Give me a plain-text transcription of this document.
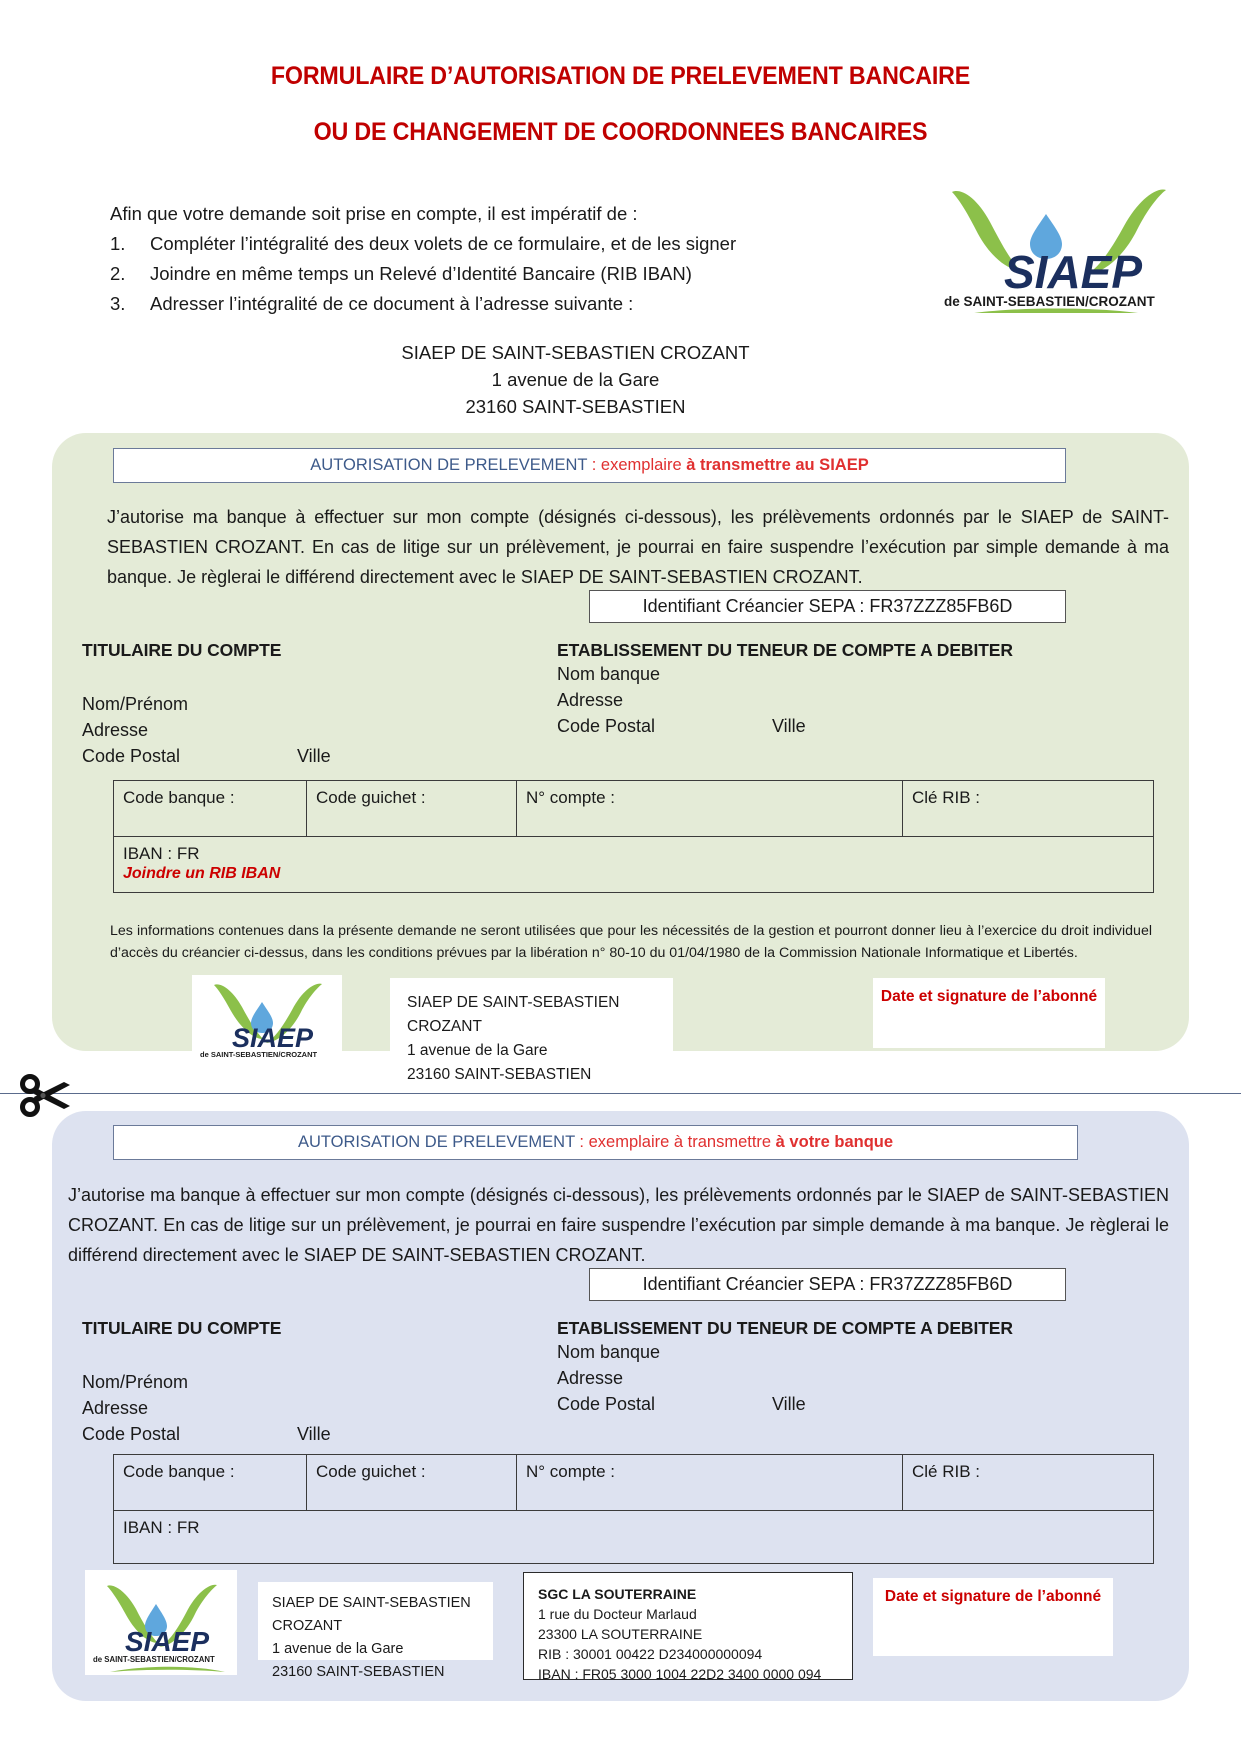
FORMULAIRE D’AUTORISATION DE PRELEVEMENT BANCAIRE
OU DE CHANGEMENT DE COORDONNEES BANCAIRES
SIAEP
de SAINT-SEBASTIEN/CROZANT
Afin que votre demande soit prise en compte, il est impératif de :
1.	Compléter l’intégralité des deux volets de ce formulaire, et de les signer
2.	Joindre en même temps un Relevé d’Identité Bancaire (RIB IBAN)
3.	Adresser l’intégralité de ce document à l’adresse suivante :
SIAEP DE SAINT-SEBASTIEN CROZANT
1 avenue de la Gare
23160 SAINT-SEBASTIEN
AUTORISATION DE PRELEVEMENT : exemplaire à transmettre au SIAEP
J’autorise ma banque à effectuer sur mon compte (désignés ci-dessous), les prélèvements ordonnés par le SIAEP de SAINT-SEBASTIEN CROZANT. En cas de litige sur un prélèvement, je pourrai en faire suspendre l’exécution par simple demande à ma banque. Je règlerai le différend directement avec le SIAEP DE SAINT-SEBASTIEN CROZANT.
Identifiant Créancier SEPA : FR37ZZZ85FB6D
TITULAIRE DU COMPTE
Nom/Prénom
Adresse
Code Postal	Ville
ETABLISSEMENT DU TENEUR DE COMPTE A DEBITER
Nom banque
Adresse
Code Postal	Ville
Code banque :	Code guichet :	N° compte :	Clé RIB :
IBAN : FR
Joindre un RIB IBAN
Les informations contenues dans la présente demande ne seront utilisées que pour les nécessités de la gestion et pourront donner lieu à l’exercice du droit individuel d’accès du créancier ci-dessus, dans les conditions prévues par la libération n° 80-10 du 01/04/1980 de la Commission Nationale Informatique et Libertés.
SIAEP
de SAINT-SEBASTIEN/CROZANT
SIAEP DE SAINT-SEBASTIEN CROZANT
1 avenue de la Gare
23160 SAINT-SEBASTIEN
Date et signature de l’abonné
AUTORISATION DE PRELEVEMENT : exemplaire à transmettre à votre banque
J’autorise ma banque à effectuer sur mon compte (désignés ci-dessous), les prélèvements ordonnés par le SIAEP de SAINT-SEBASTIEN CROZANT. En cas de litige sur un prélèvement, je pourrai en faire suspendre l’exécution par simple demande à ma banque. Je règlerai le différend directement avec le SIAEP DE SAINT-SEBASTIEN CROZANT.
Identifiant Créancier SEPA : FR37ZZZ85FB6D
TITULAIRE DU COMPTE
Nom/Prénom
Adresse
Code Postal	Ville
ETABLISSEMENT DU TENEUR DE COMPTE A DEBITER
Nom banque
Adresse
Code Postal	Ville
Code banque :	Code guichet :	N° compte :	Clé RIB :
IBAN : FR
SIAEP
de SAINT-SEBASTIEN/CROZANT
SIAEP DE SAINT-SEBASTIEN CROZANT
1 avenue de la Gare
23160 SAINT-SEBASTIEN
SGC LA SOUTERRAINE
1 rue du Docteur Marlaud
23300 LA SOUTERRAINE
RIB : 30001 00422 D234000000094
IBAN : FR05 3000 1004 22D2 3400 0000 094
Date et signature de l’abonné
